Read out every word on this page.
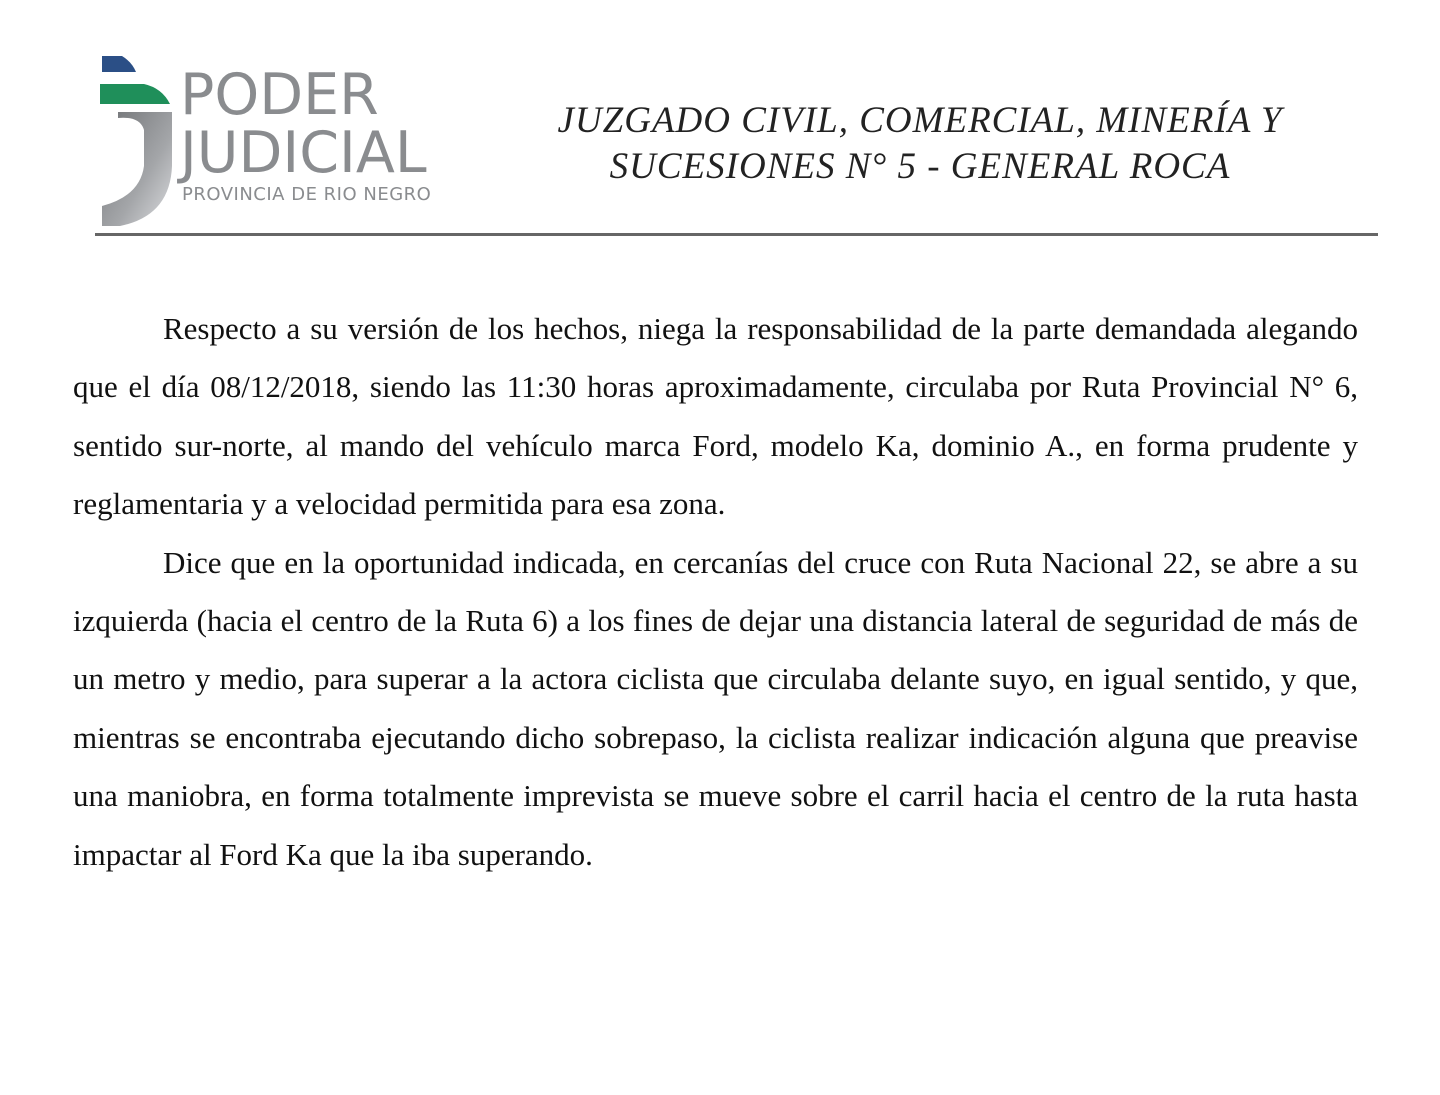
PODER
JUDICIAL
PROVINCIA DE RIO NEGRO
JUZGADO CIVIL, COMERCIAL, MINERÍA Y
SUCESIONES N° 5 - GENERAL ROCA

Respecto a su versión de los hechos, niega la responsabilidad de la parte demandada alegando que el día 08/12/2018, siendo las 11:30 horas aproximadamente, circulaba por Ruta Provincial N° 6, sentido sur-norte, al mando del vehículo marca Ford, modelo Ka, dominio A., en forma prudente y reglamentaria y a velocidad permitida para esa zona.

Dice que en la oportunidad indicada, en cercanías del cruce con Ruta Nacional 22, se abre a su izquierda (hacia el centro de la Ruta 6) a los fines de dejar una distancia lateral de seguridad de más de un metro y medio, para superar a la actora ciclista que circulaba delante suyo, en igual sentido, y que, mientras se encontraba ejecutando dicho sobrepaso, la ciclista realizar indicación alguna que preavise una maniobra, en forma totalmente imprevista se mueve sobre el carril hacia el centro de la ruta hasta impactar al Ford Ka que la iba superando.
